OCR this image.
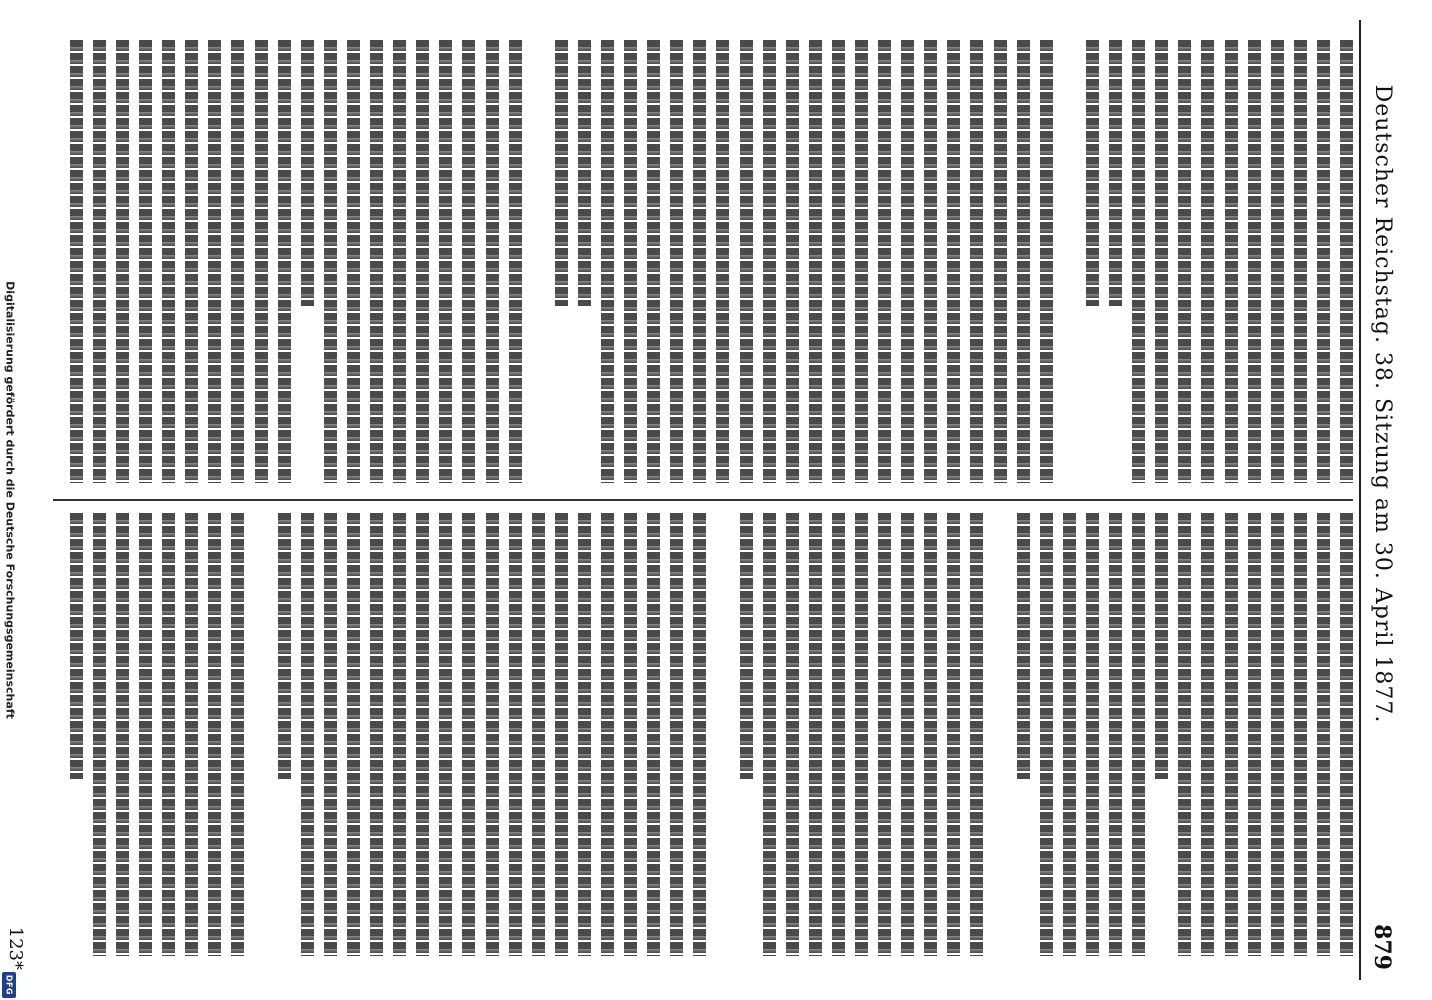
Digitalisierung gefördert durch die Deutsche Forschungsgemeinschaft
DFG
Deutscher Reichstag. 38. Sitzung am 30. April 1877.
879
123*
